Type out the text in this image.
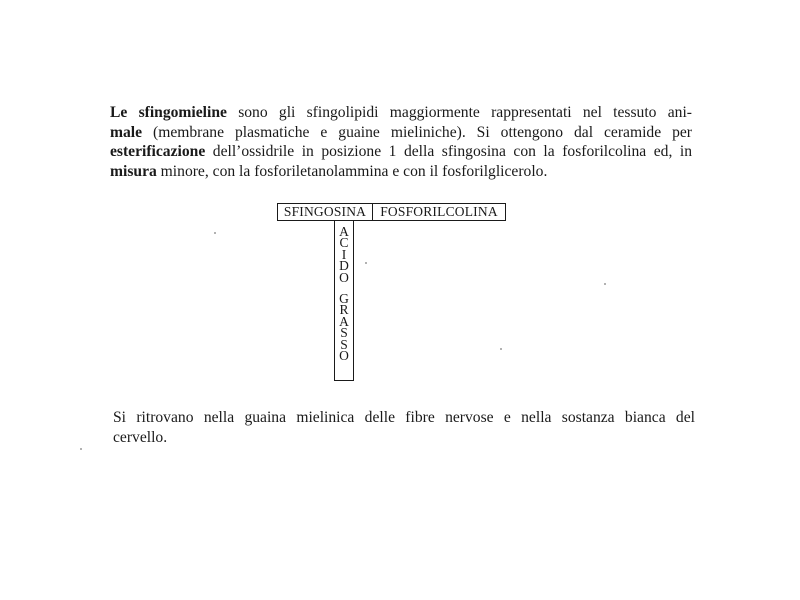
Le sfingomieline sono gli sfingolipidi maggiormente rappresentati nel tessuto ani-
male (membrane plasmatiche e guaine mieliniche). Si ottengono dal ceramide per
esterificazione dell’ossidrile in posizione 1 della sfingosina con la fosforilcolina ed, in
misura minore, con la fosforiletanolammina e con il fosforilglicerolo.

SFINGOSINA	FOSFORILCOLINA
A
C
I
D
O
G
R
A
S
S
O

Si ritrovano nella guaina mielinica delle fibre nervose e nella sostanza bianca del
cervello.
